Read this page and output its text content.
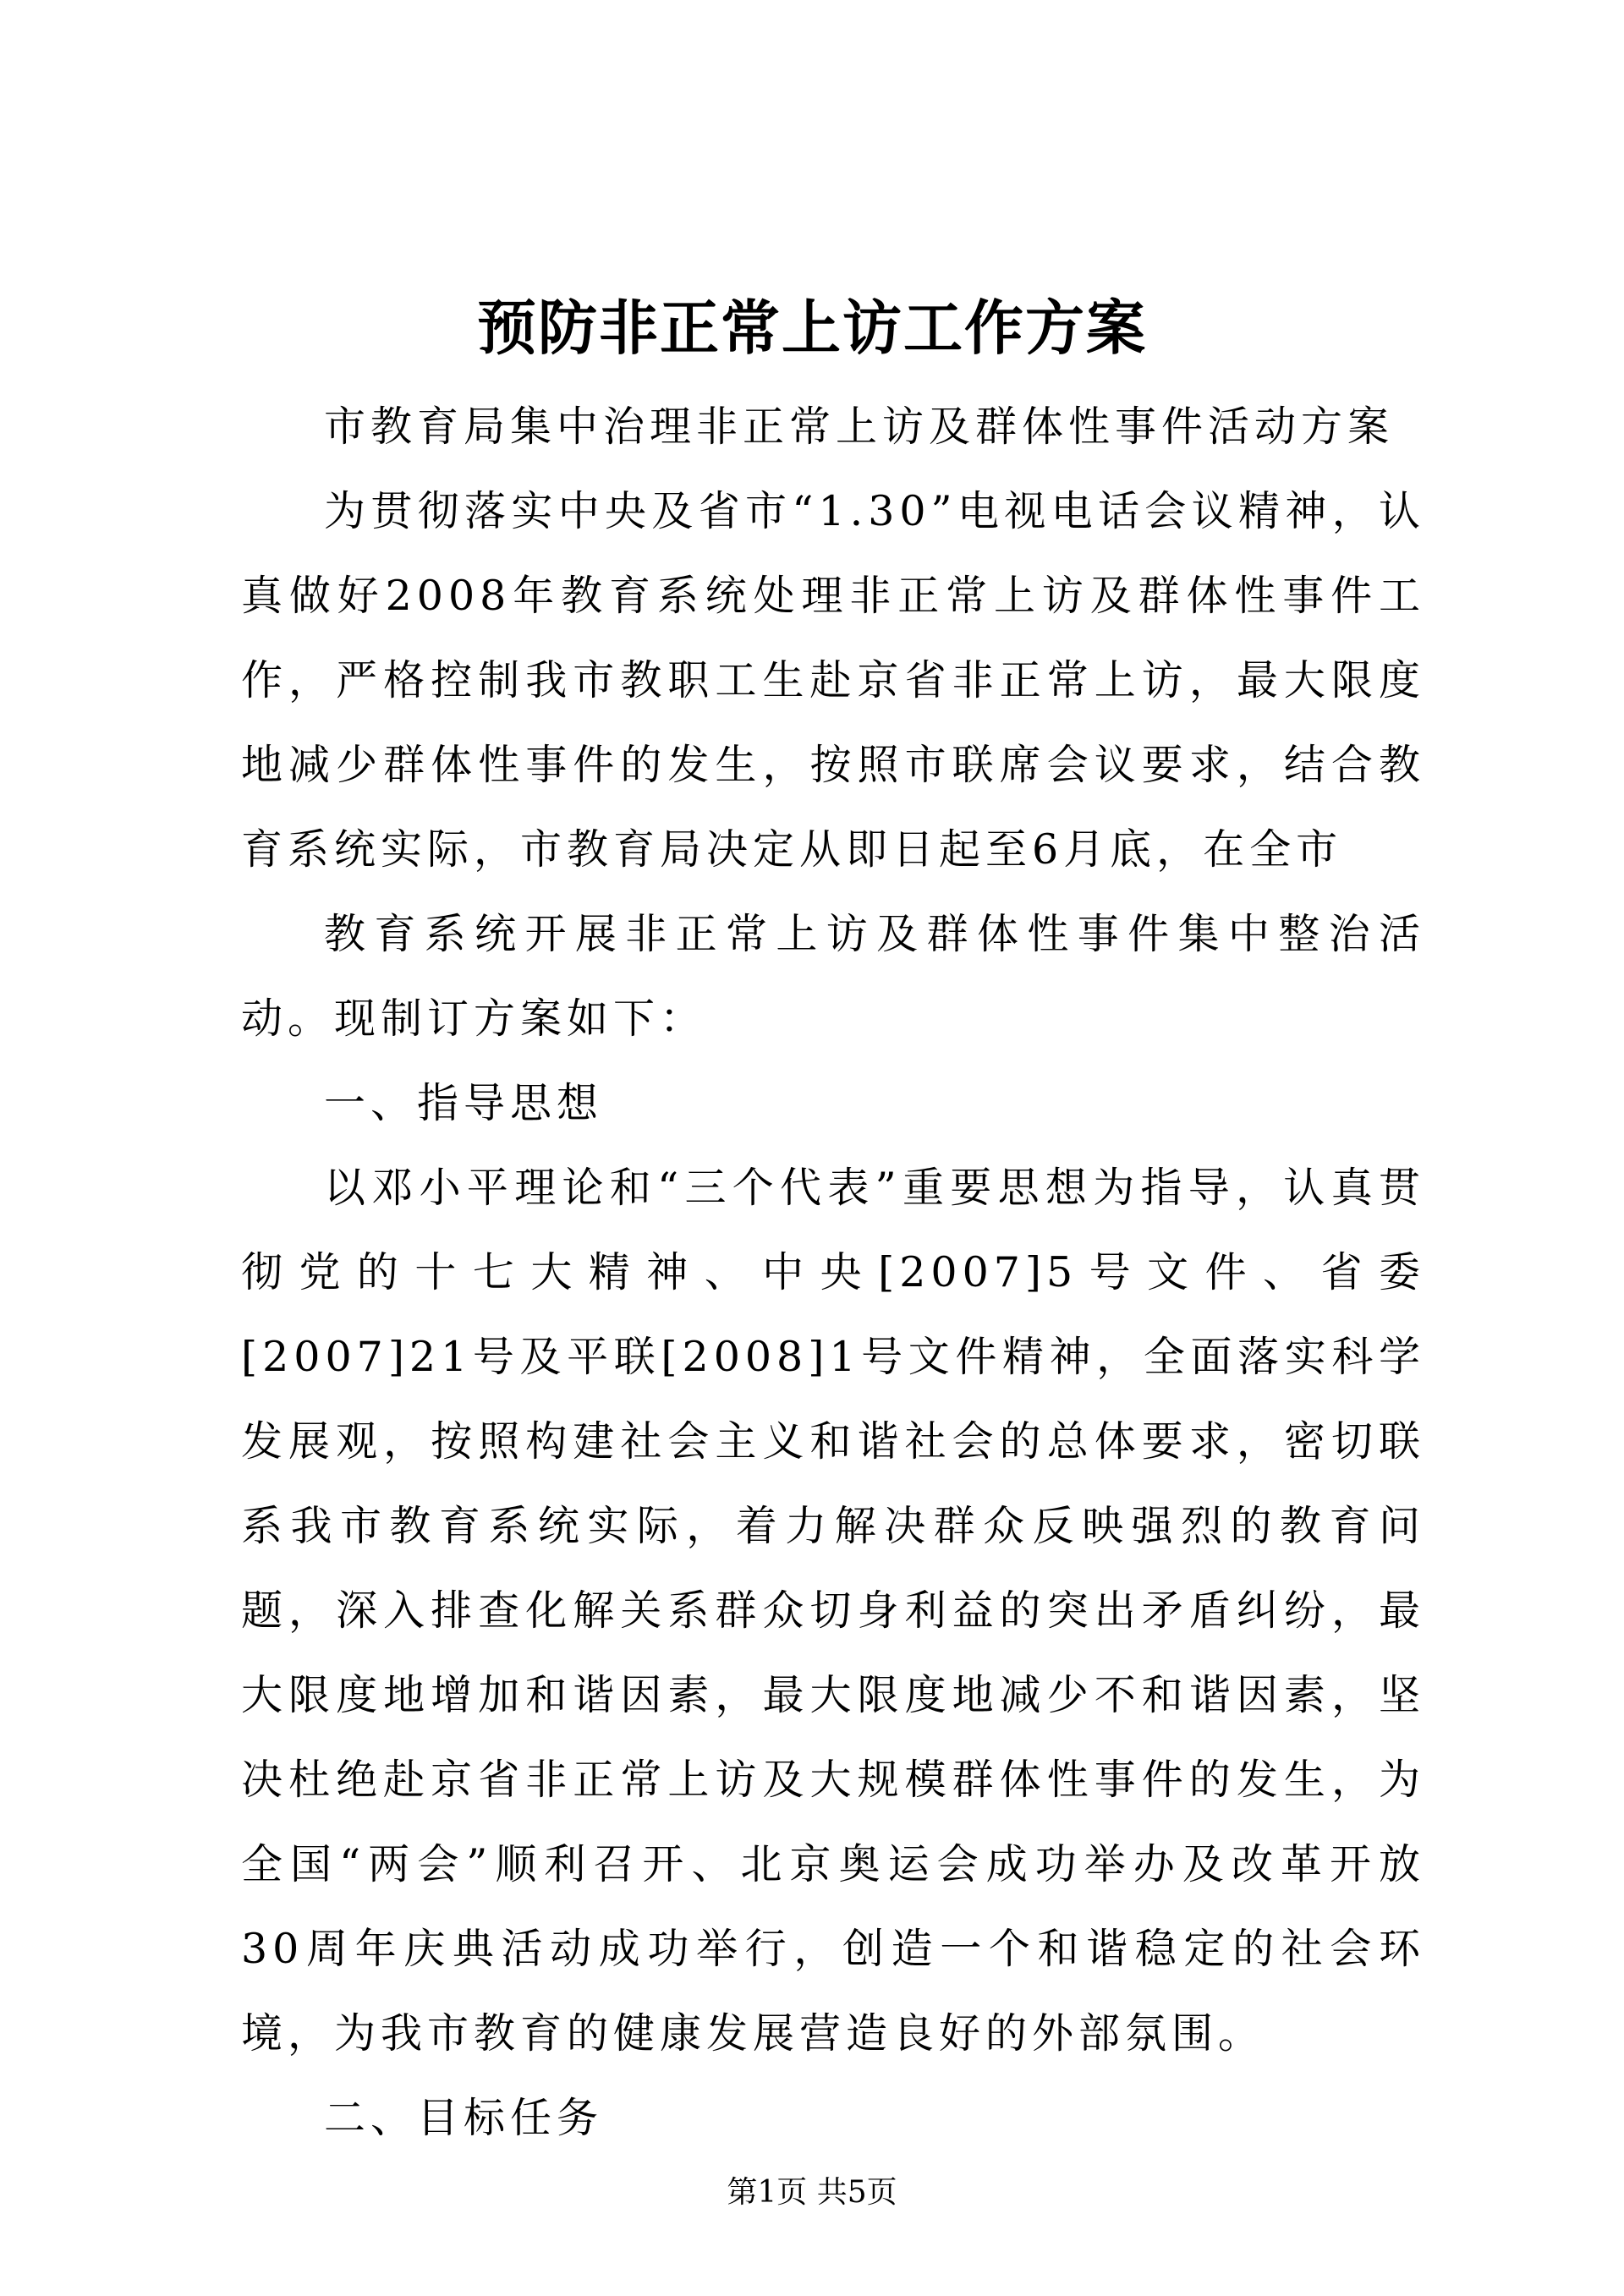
预防非正常上访工作方案

市教育局集中治理非正常上访及群体性事件活动方案

为贯彻落实中央及省市“1.30”电视电话会议精神，认真做好2008年教育系统处理非正常上访及群体性事件工作，严格控制我市教职工生赴京省非正常上访，最大限度地减少群体性事件的发生，按照市联席会议要求，结合教育系统实际，市教育局决定从即日起至6月底，在全市

教育系统开展非正常上访及群体性事件集中整治活动。现制订方案如下：

一、指导思想

以邓小平理论和“三个代表”重要思想为指导，认真贯彻党的十七大精神、中央[2007]5号文件、省委[2007]21号及平联[2008]1号文件精神，全面落实科学发展观，按照构建社会主义和谐社会的总体要求，密切联系我市教育系统实际，着力解决群众反映强烈的教育问题，深入排查化解关系群众切身利益的突出矛盾纠纷，最大限度地增加和谐因素，最大限度地减少不和谐因素，坚决杜绝赴京省非正常上访及大规模群体性事件的发生，为全国“两会”顺利召开、北京奥运会成功举办及改革开放30周年庆典活动成功举行，创造一个和谐稳定的社会环境，为我市教育的健康发展营造良好的外部氛围。

二、目标任务

第1页 共5页
